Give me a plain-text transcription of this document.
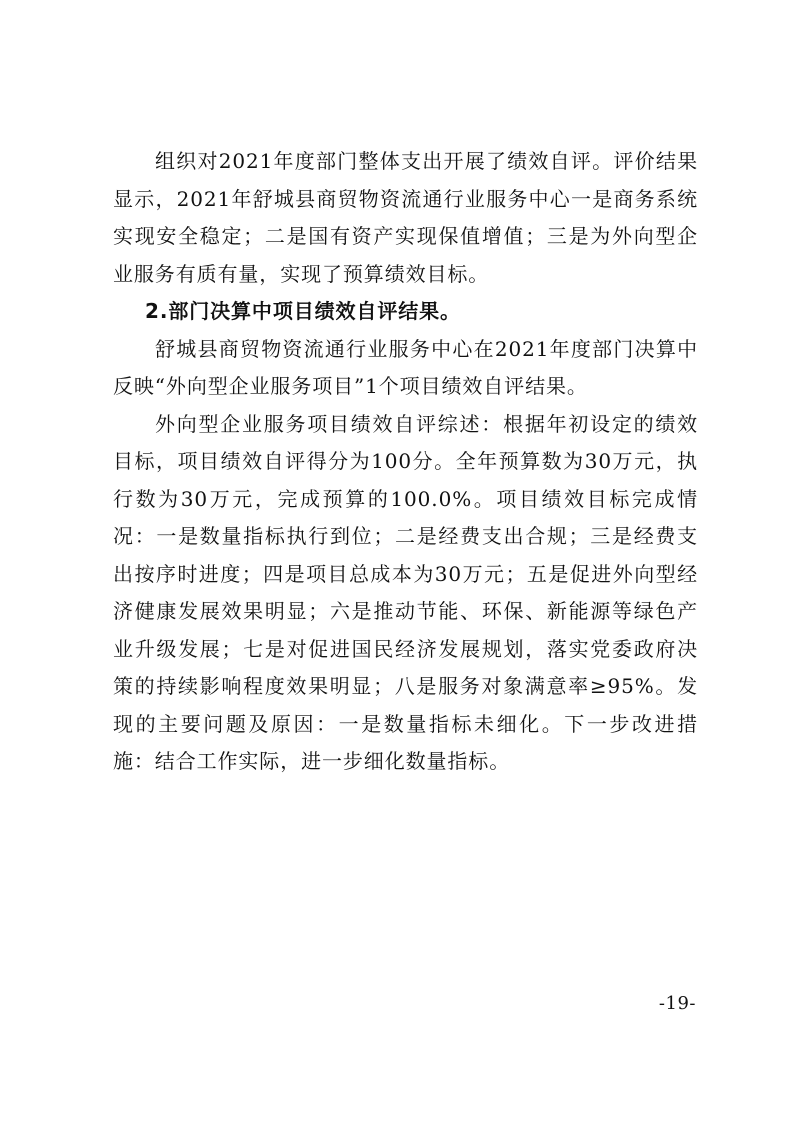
组织对2021年度部门整体支出开展了绩效自评。评价结果显示，2021年舒城县商贸物资流通行业服务中心一是商务系统实现安全稳定；二是国有资产实现保值增值；三是为外向型企业服务有质有量，实现了预算绩效目标。

2.部门决算中项目绩效自评结果。

舒城县商贸物资流通行业服务中心在2021年度部门决算中反映“外向型企业服务项目”1个项目绩效自评结果。

外向型企业服务项目绩效自评综述：根据年初设定的绩效目标，项目绩效自评得分为100分。全年预算数为30万元，执行数为30万元，完成预算的100.0%。项目绩效目标完成情况：一是数量指标执行到位；二是经费支出合规；三是经费支出按序时进度；四是项目总成本为30万元；五是促进外向型经济健康发展效果明显；六是推动节能、环保、新能源等绿色产业升级发展；七是对促进国民经济发展规划，落实党委政府决策的持续影响程度效果明显；八是服务对象满意率≥95%。发现的主要问题及原因：一是数量指标未细化。下一步改进措施：结合工作实际，进一步细化数量指标。

-19-
